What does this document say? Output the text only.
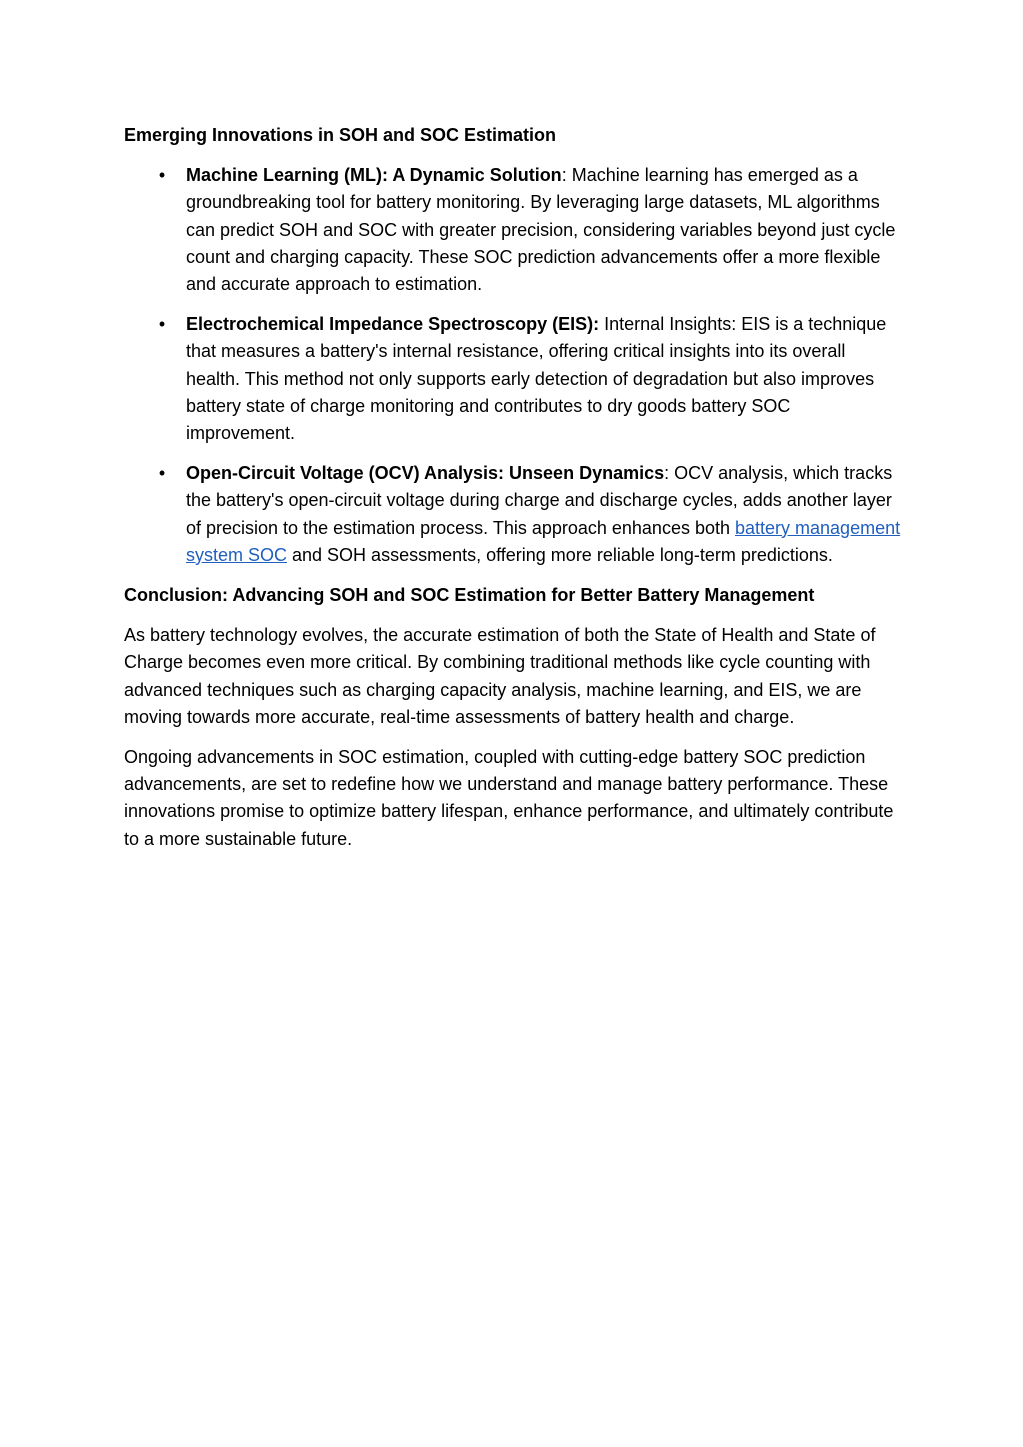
Emerging Innovations in SOH and SOC Estimation
• Machine Learning (ML): A Dynamic Solution: Machine learning has emerged as a groundbreaking tool for battery monitoring. By leveraging large datasets, ML algorithms can predict SOH and SOC with greater precision, considering variables beyond just cycle count and charging capacity. These SOC prediction advancements offer a more flexible and accurate approach to estimation.
• Electrochemical Impedance Spectroscopy (EIS): Internal Insights: EIS is a technique that measures a battery's internal resistance, offering critical insights into its overall health. This method not only supports early detection of degradation but also improves battery state of charge monitoring and contributes to dry goods battery SOC improvement.
• Open-Circuit Voltage (OCV) Analysis: Unseen Dynamics: OCV analysis, which tracks the battery's open-circuit voltage during charge and discharge cycles, adds another layer of precision to the estimation process. This approach enhances both battery management system SOC and SOH assessments, offering more reliable long-term predictions.
Conclusion: Advancing SOH and SOC Estimation for Better Battery Management

As battery technology evolves, the accurate estimation of both the State of Health and State of Charge becomes even more critical. By combining traditional methods like cycle counting with advanced techniques such as charging capacity analysis, machine learning, and EIS, we are moving towards more accurate, real-time assessments of battery health and charge.

Ongoing advancements in SOC estimation, coupled with cutting-edge battery SOC prediction advancements, are set to redefine how we understand and manage battery performance. These innovations promise to optimize battery lifespan, enhance performance, and ultimately contribute to a more sustainable future.
